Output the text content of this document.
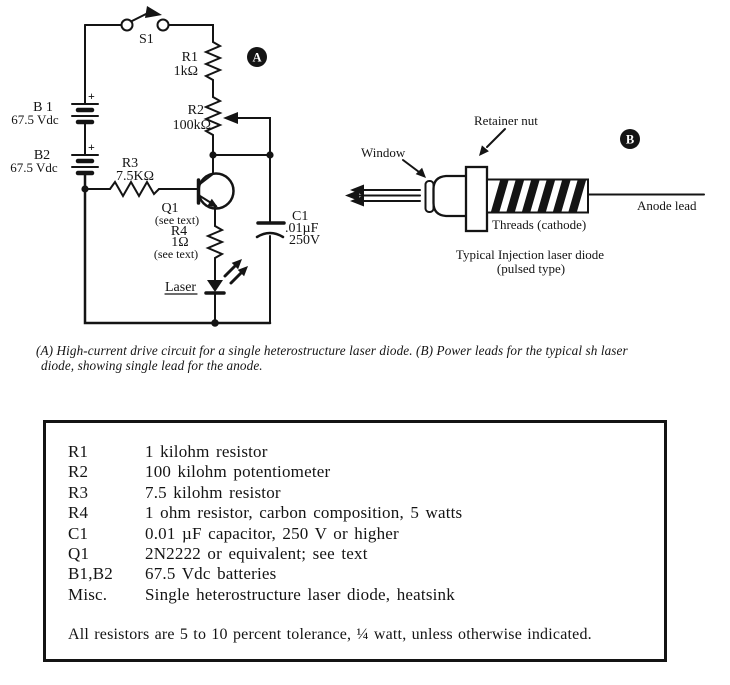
S1
R1
1kΩ
A
R2
100kΩ
+
B 1
67.5 Vdc
+
B2
67.5 Vdc	R3
7.5KΩ
Q1
(see text)
R4
1Ω
(see text)
Laser
C1
.01µF
250V
B
Window
Retainer nut
Threads (cathode)
Anode lead
Typical Injection laser diode
(pulsed type)
(A) High-current drive circuit for a single heterostructure laser diode. (B) Power leads for the typical sh laser
diode, showing single lead for the anode.
R1	1 kilohm resistor
R2	100 kilohm potentiometer
R3	7.5 kilohm resistor
R4	1 ohm resistor, carbon composition, 5 watts
C1	0.01 µF capacitor, 250 V or higher
Q1	2N2222 or equivalent; see text
B1,B2	67.5 Vdc batteries
Misc.	Single heterostructure laser diode, heatsink
All resistors are 5 to 10 percent tolerance, ¼ watt, unless otherwise indicated.
